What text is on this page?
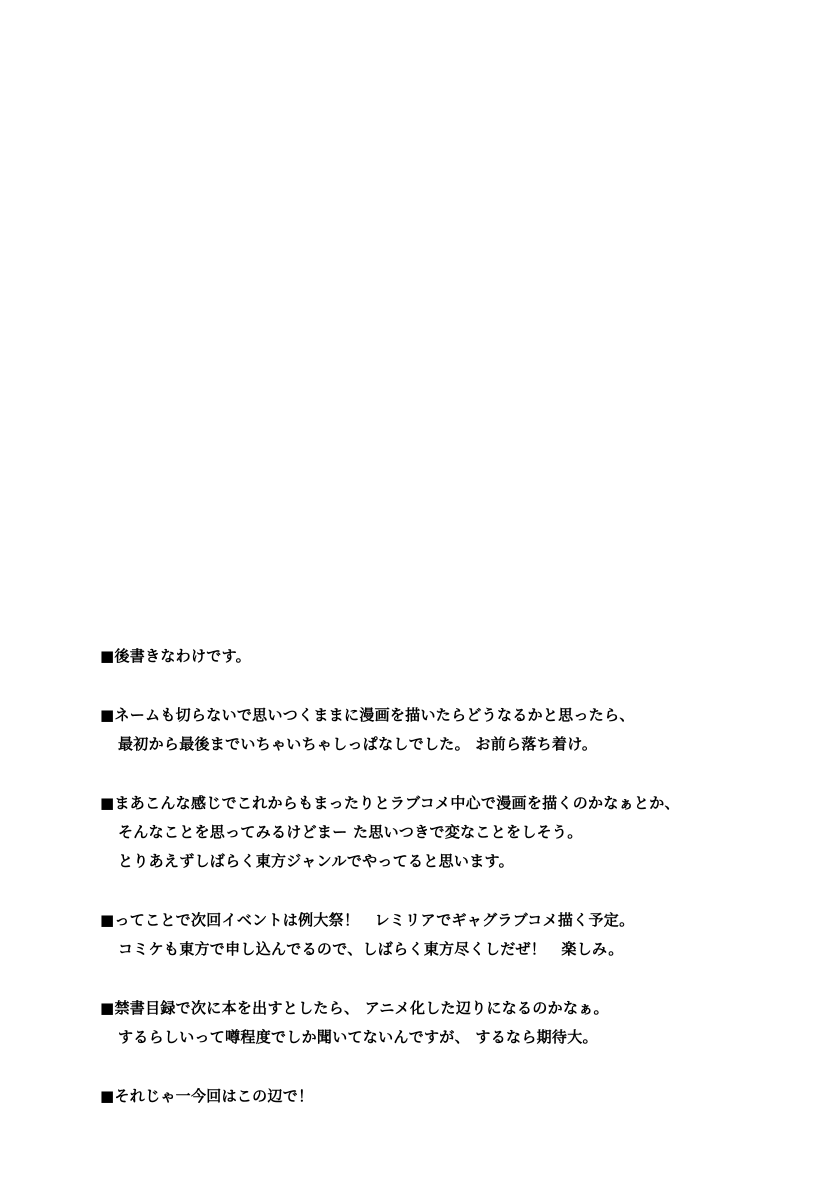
■後書きなわけです。
■ネームも切らないで思いつくままに漫画を描いたらどうなるかと思ったら、
最初から最後までいちゃいちゃしっぱなしでした。 お前ら落ち着け。
■まあこんな感じでこれからもまったりとラブコメ中心で漫画を描くのかなぁとか、
そんなことを思ってみるけどまー た思いつきで変なことをしそう。
とりあえずしばらく東方ジャンルでやってると思います。
■ってことで次回イベントは例大祭！　レミリアでギャグラブコメ描く予定。
コミケも東方で申し込んでるので、しばらく東方尽くしだぜ！　楽しみ。
■禁書目録で次に本を出すとしたら、 アニメ化した辺りになるのかなぁ。
するらしいって噂程度でしか聞いてないんですが、 するなら期待大。
■それじゃ一今回はこの辺で！
